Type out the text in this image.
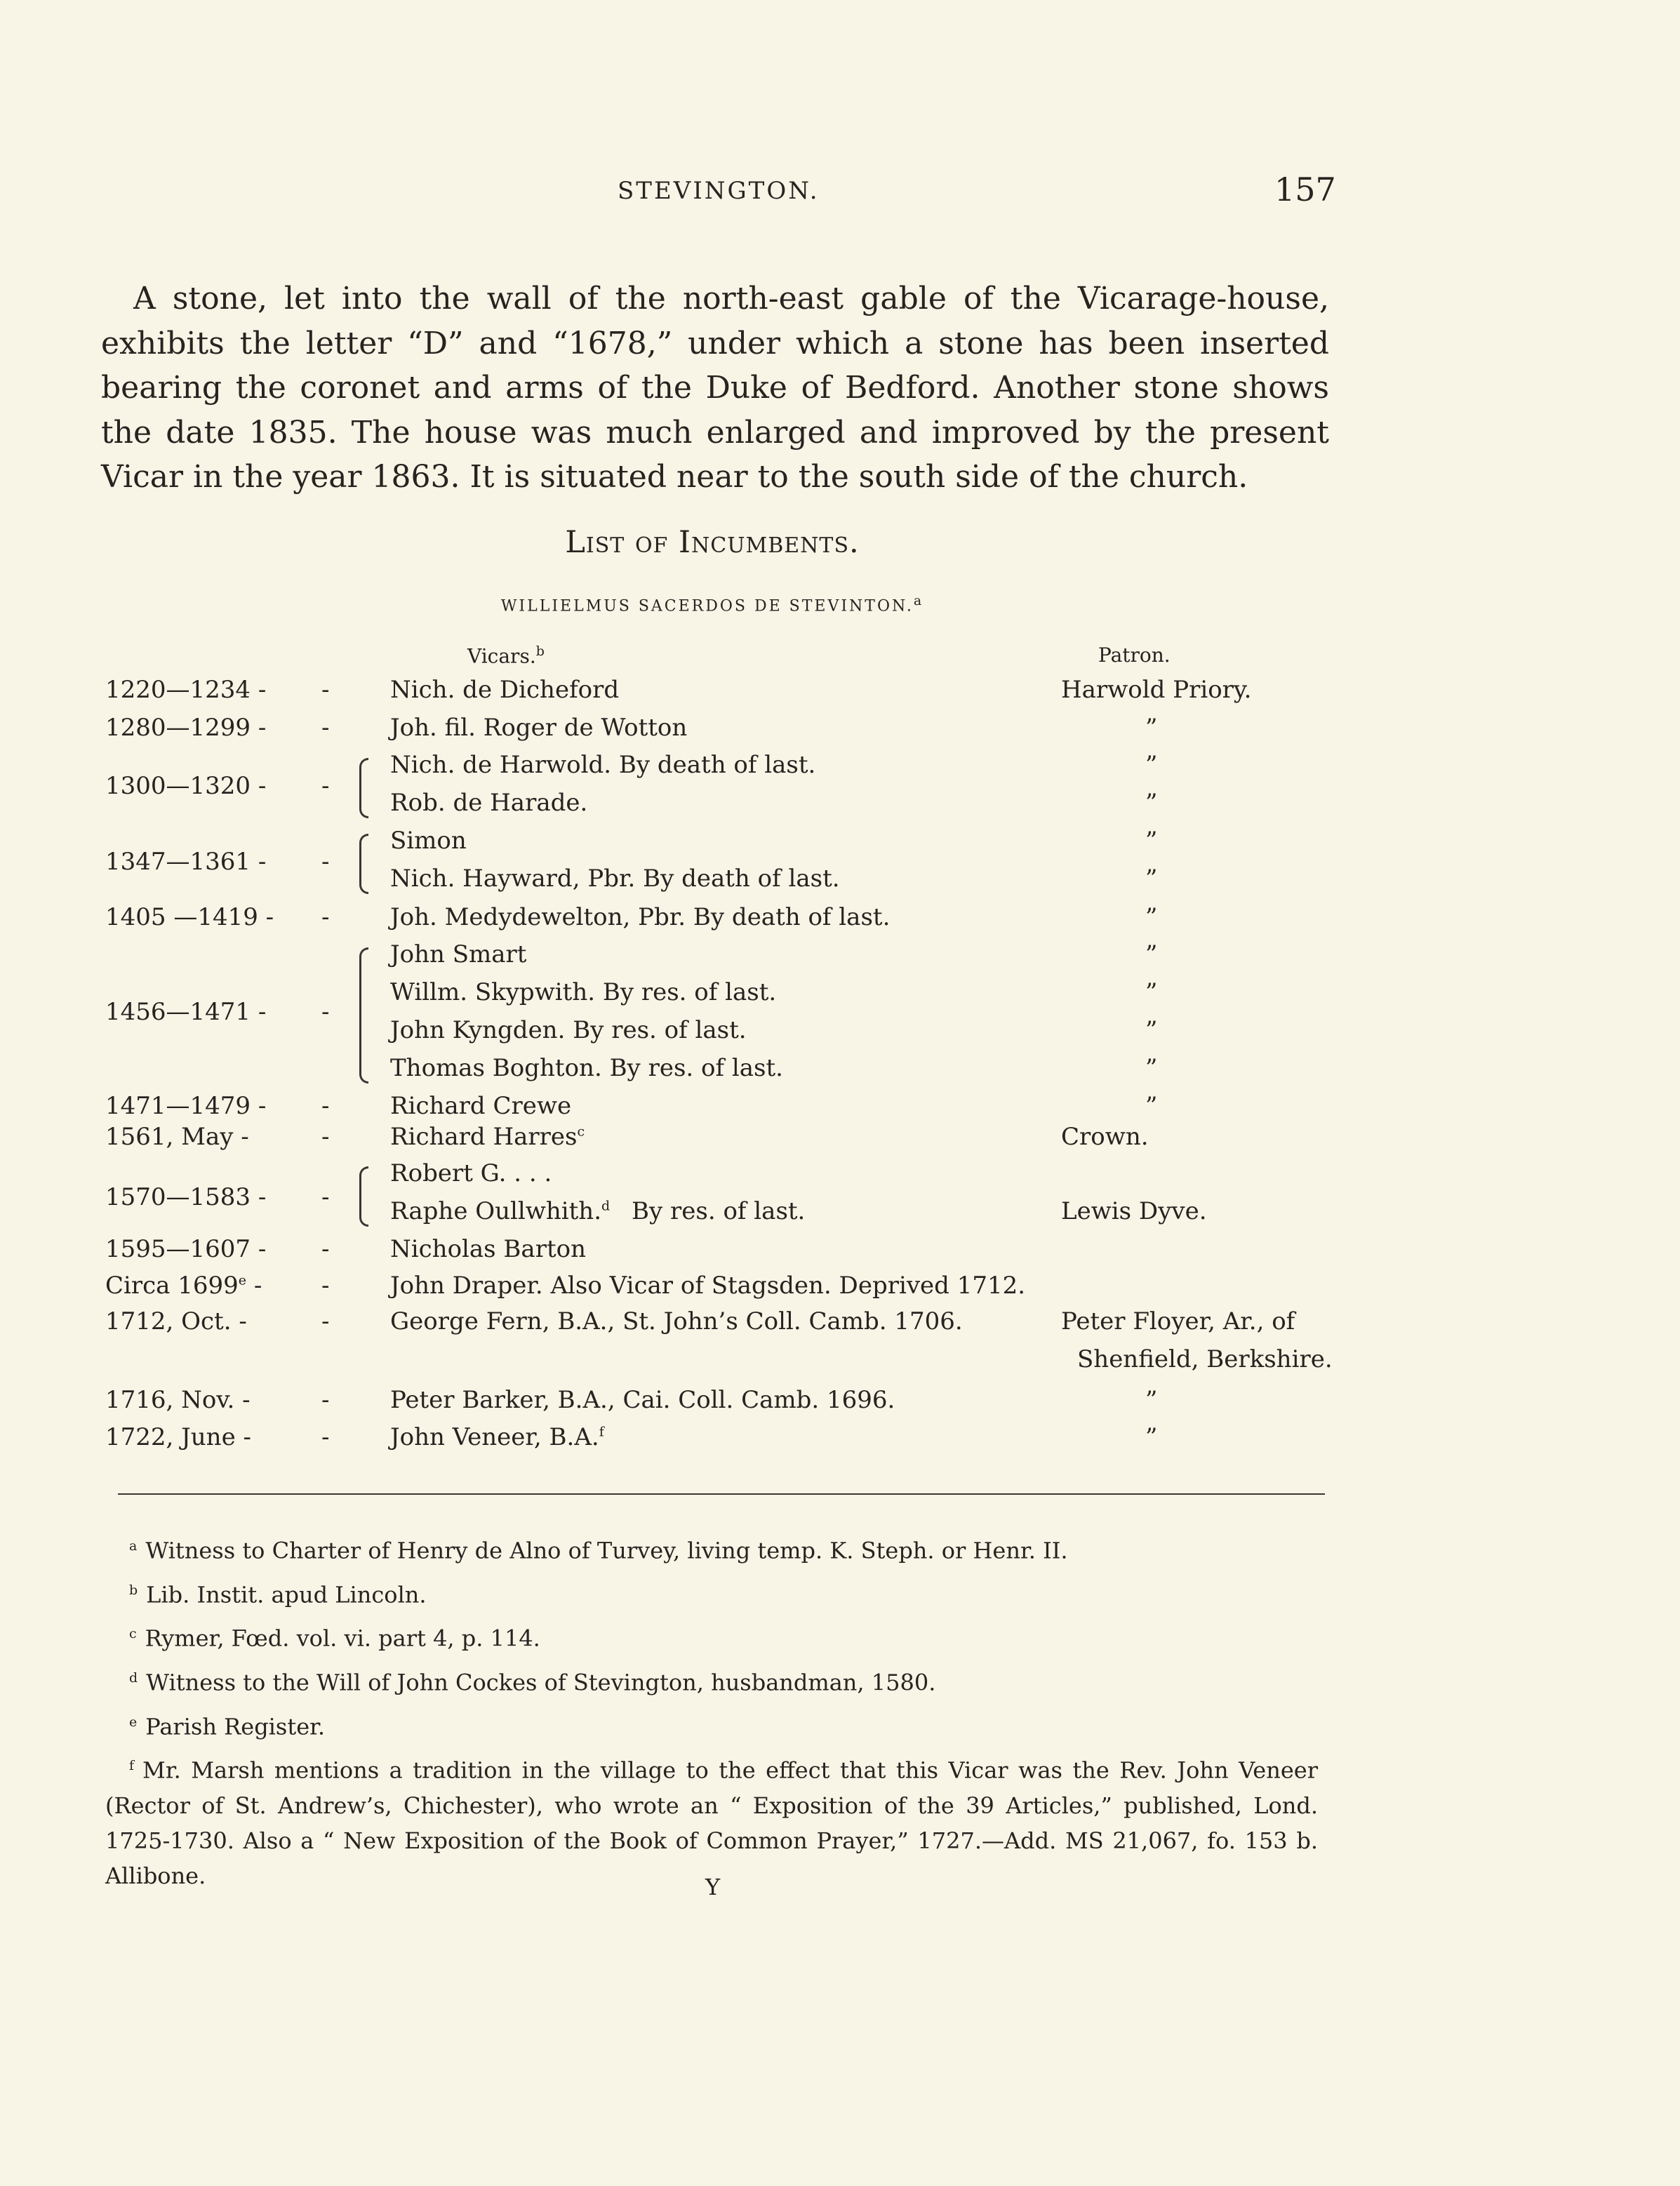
STEVINGTON.	157

A stone, let into the wall of the north-east gable of the Vicarage-house, exhibits the letter “D” and “1678,” under which a stone has been inserted bearing the coronet and arms of the Duke of Bedford. Another stone shows the date 1835. The house was much enlarged and improved by the present Vicar in the year 1863. It is situated near to the south side of the church.

List of Incumbents.
WILLIELMUS SACERDOS DE STEVINTON.$^a$
Vicars.$^b$	Patron.
1220—1234 - -	Nich. de Dicheford	Harwold Priory.
1280—1299 - -	Joh. fil. Roger de Wotton	”
1300—1320 - -
Nich. de Harwold. By death of last.	”
Rob. de Harade.	”
1347—1361 - -
Simon	”
Nich. Hayward, Pbr. By death of last.	”
1405 —1419 - -	Joh. Medydewelton, Pbr. By death of last.	”
1456—1471 - -
John Smart	”
Willm. Skypwith. By res. of last.	”
John Kyngden. By res. of last.	”
Thomas Boghton. By res. of last.	”
1471—1479 - -	Richard Crewe	”
1561, May -	-	Richard Harres$^c$	Crown.
1570—1583 - -
Robert G. . . .
Raphe Oullwhith.$^d$ By res. of last.	Lewis Dyve.
1595—1607 - -	Nicholas Barton
Circa 1699e - -	John Draper. Also Vicar of Stagsden. Deprived 1712.
1712, Oct. -	-	George Fern, B.A., St. John’s Coll. Camb. 1706.	Peter Floyer, Ar., of
Shenfield, Berkshire.
1716, Nov. -	-	Peter Barker, B.A., Cai. Coll. Camb. 1696.	”
1722, June -	-	John Veneer, B.A.$^f$	”

$^a$ Witness to Charter of Henry de Alno of Turvey, living temp. K. Steph. or Henr. II.

$^b$ Lib. Instit. apud Lincoln.

$^c$ Rymer, Fœd. vol. vi. part 4, p. 114.

$^d$ Witness to the Will of John Cockes of Stevington, husbandman, 1580.

$^e$ Parish Register.

$^f$ Mr. Marsh mentions a tradition in the village to the effect that this Vicar was the Rev. John Veneer (Rector of St. Andrew’s, Chichester), who wrote an “ Exposition of the 39 Articles,” published, Lond. 1725-1730. Also a “ New Exposition of the Book of Common Prayer,” 1727.—Add. MS 21,067, fo. 153 b. Allibone.	Y
